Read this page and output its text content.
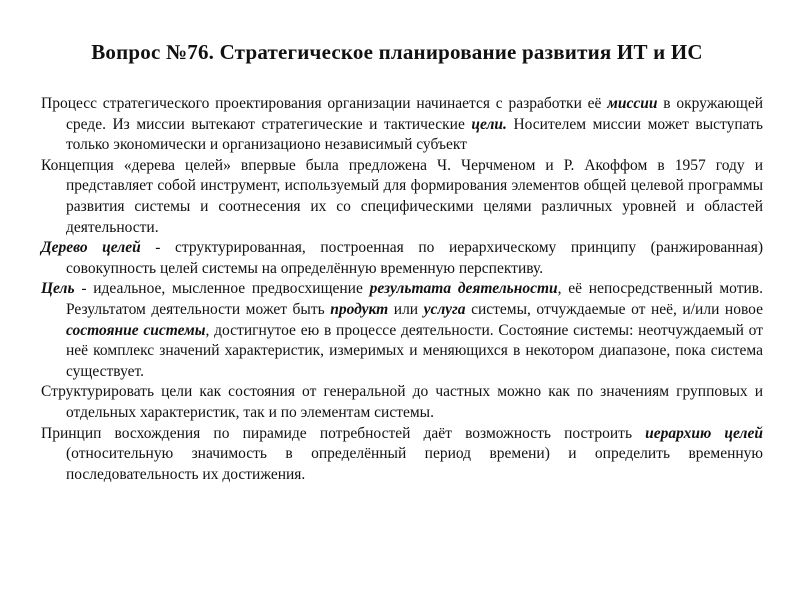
Вопрос №76. Стратегическое планирование развития ИТ и ИС

Процесс стратегического проектирования организации начинается с разработки её миссии в окружающей среде. Из миссии вытекают стратегические и тактические цели. Носителем миссии может выступать только экономически и организационо независимый субъект

Концепция «дерева целей» впервые была предложена Ч. Черчменом и Р. Акоффом в 1957 году и представляет собой инструмент, используемый для формирования элементов общей целевой программы развития системы и соотнесения их со специфическими целями различных уровней и областей деятельности.

Дерево целей - структурированная, построенная по иерархическому принципу (ранжированная) совокупность целей системы на определённую временную перспективу.

Цель - идеальное, мысленное предвосхищение результата деятельности, её непосредственный мотив. Результатом деятельности может быть продукт или услуга системы, отчуждаемые от неё, и/или новое состояние системы, достигнутое ею в процессе деятельности. Состояние системы: неотчуждаемый от неё комплекс значений характеристик, измеримых и меняющихся в некотором диапазоне, пока система существует.

Структурировать цели как состояния от генеральной до частных можно как по значениям групповых и отдельных характеристик, так и по элементам системы.

Принцип восхождения по пирамиде потребностей даёт возможность построить иерархию целей (относительную значимость в определённый период времени) и определить временную последовательность их достижения.
